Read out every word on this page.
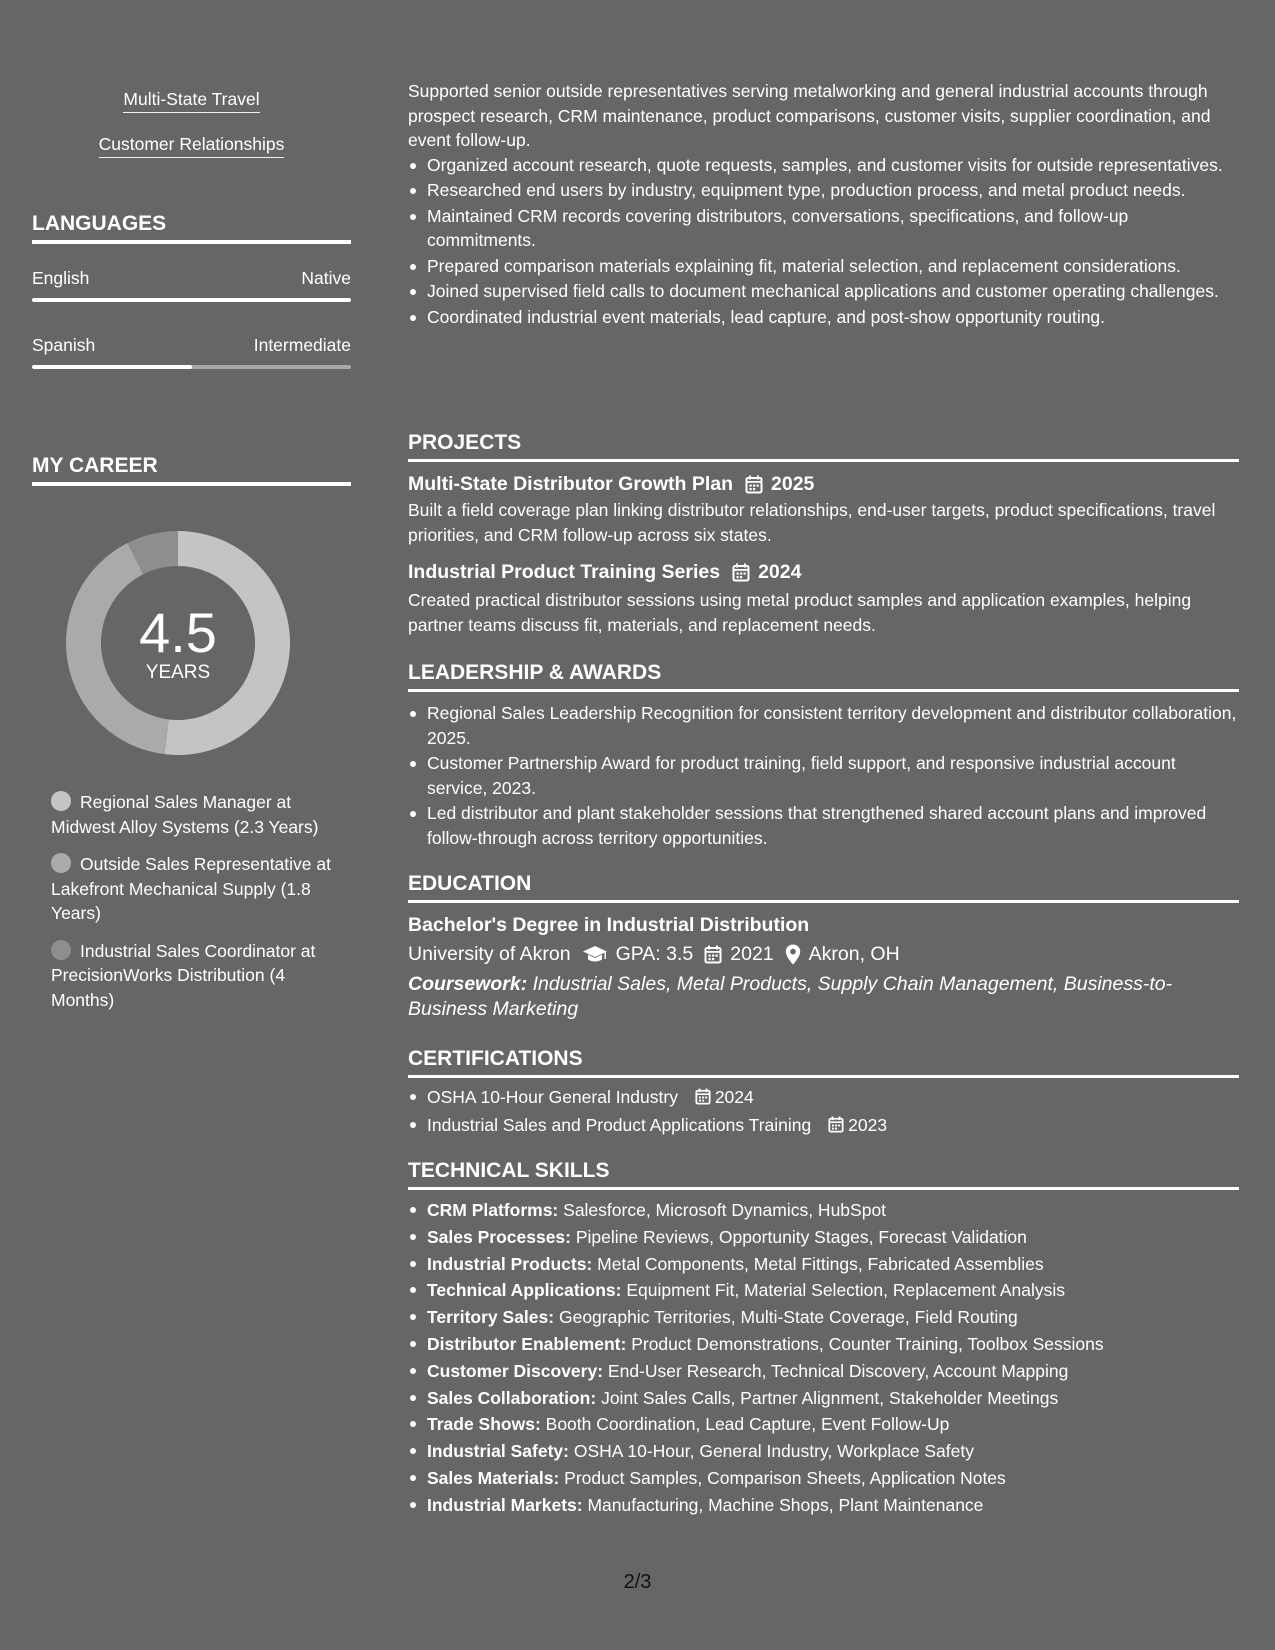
Multi-State Travel
Customer Relationships
LANGUAGES
English	Native
Spanish	Intermediate
MY CAREER
4.5
YEARS
Regional Sales Manager at Midwest Alloy Systems (2.3 Years)
Outside Sales Representative at Lakefront Mechanical Supply (1.8 Years)
Industrial Sales Coordinator at PrecisionWorks Distribution (4 Months)

Supported senior outside representatives serving metalworking and general industrial accounts through prospect research, CRM maintenance, product comparisons, customer visits, supplier coordination, and event follow-up.

Organized account research, quote requests, samples, and customer visits for outside representatives.
Researched end users by industry, equipment type, production process, and metal product needs.
Maintained CRM records covering distributors, conversations, specifications, and follow-up commitments.
Prepared comparison materials explaining fit, material selection, and replacement considerations.
Joined supervised field calls to document mechanical applications and customer operating challenges.
Coordinated industrial event materials, lead capture, and post-show opportunity routing.
PROJECTS
Multi-State Distributor Growth Plan 2025

Built a field coverage plan linking distributor relationships, end-user targets, product specifications, travel priorities, and CRM follow-up across six states.

Industrial Product Training Series 2024

Created practical distributor sessions using metal product samples and application examples, helping partner teams discuss fit, materials, and replacement needs.

LEADERSHIP & AWARDS
Regional Sales Leadership Recognition for consistent territory development and distributor collaboration, 2025.
Customer Partnership Award for product training, field support, and responsive industrial account service, 2023.
Led distributor and plant stakeholder sessions that strengthened shared account plans and improved follow-through across territory opportunities.
EDUCATION
Bachelor's Degree in Industrial Distribution
University of Akron GPA: 3.5 2021 Akron, OH

Coursework: Industrial Sales, Metal Products, Supply Chain Management, Business-to-Business Marketing

CERTIFICATIONS
OSHA 10-Hour General Industry 2024
Industrial Sales and Product Applications Training 2023
TECHNICAL SKILLS
CRM Platforms: Salesforce, Microsoft Dynamics, HubSpot
Sales Processes: Pipeline Reviews, Opportunity Stages, Forecast Validation
Industrial Products: Metal Components, Metal Fittings, Fabricated Assemblies
Technical Applications: Equipment Fit, Material Selection, Replacement Analysis
Territory Sales: Geographic Territories, Multi-State Coverage, Field Routing
Distributor Enablement: Product Demonstrations, Counter Training, Toolbox Sessions
Customer Discovery: End-User Research, Technical Discovery, Account Mapping
Sales Collaboration: Joint Sales Calls, Partner Alignment, Stakeholder Meetings
Trade Shows: Booth Coordination, Lead Capture, Event Follow-Up
Industrial Safety: OSHA 10-Hour, General Industry, Workplace Safety
Sales Materials: Product Samples, Comparison Sheets, Application Notes
Industrial Markets: Manufacturing, Machine Shops, Plant Maintenance
2/3
